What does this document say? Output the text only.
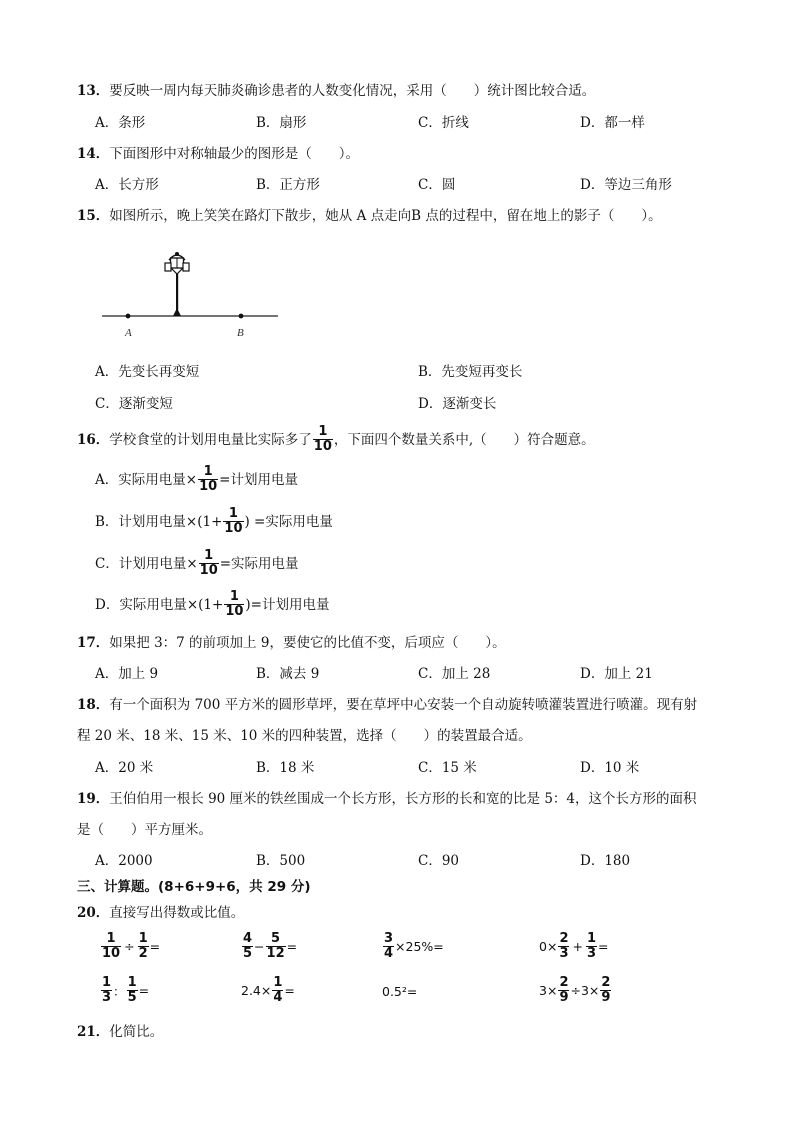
13．要反映一周内每天肺炎确诊患者的人数变化情况，采用（　　）统计图比较合适。
A．条形	B．扇形	C．折线	D．都一样
14．下面图形中对称轴最少的图形是（　　）。
A．长方形	B．正方形	C．圆	D．等边三角形
15．如图所示，晚上笑笑在路灯下散步，她从 A 点走向B 点的过程中，留在地上的影子（　　）。
A	B
A．先变长再变短	B．先变短再变长
C．逐渐变短	D．逐渐变长
16． 学校食堂的计划用电量比实际多了 $\frac{1}{10}$ ，下面四个数量关系中,（　　）符合题意。
A．实际用电量× $\frac{1}{10}$ =计划用电量
B．计划用电量$\times(1+ \frac{1}{10}$ ) =实际用电量
C．计划用电量× $\frac{1}{10}$ =实际用电量
D．实际用电量$\times(1+ \frac{1}{10}$ )=计划用电量
17．如果把 3：7 的前项加上 9，要使它的比值不变，后项应（　　）。
A．加上 9	B．减去 9	C．加上 28	D．加上 21
18．有一个面积为 700 平方米的圆形草坪，要在草坪中心安装一个自动旋转喷灌装置进行喷灌。现有射
程 20 米、18 米、15 米、10 米的四种装置，选择（　　）的装置最合适。
A．20 米	B．18 米	C．15 米	D．10 米
19．王伯伯用一根长 90 厘米的铁丝围成一个长方形，长方形的长和宽的比是 5：4，这个长方形的面积
是（　　）平方厘米。
A．2000	B．500	C．90	D．180
三、计算题。(8+6+9+6，共 29 分)
20．直接写出得数或比值。
$\frac{1}{10} \div \frac{1}{2}$ =	$\frac{4}{5} - \frac{5}{12}$ =	$\frac{3}{4} \times 25\%=$	$0\times \frac{2}{3} + \frac{1}{3}$ =
$\frac{1}{3}$ ： $\frac{1}{5}$ =	$2.4\times \frac{1}{4}$ =	0.5²=	$3\times \frac{2}{9} \div 3\times \frac{2}{9}$
21．化简比。
